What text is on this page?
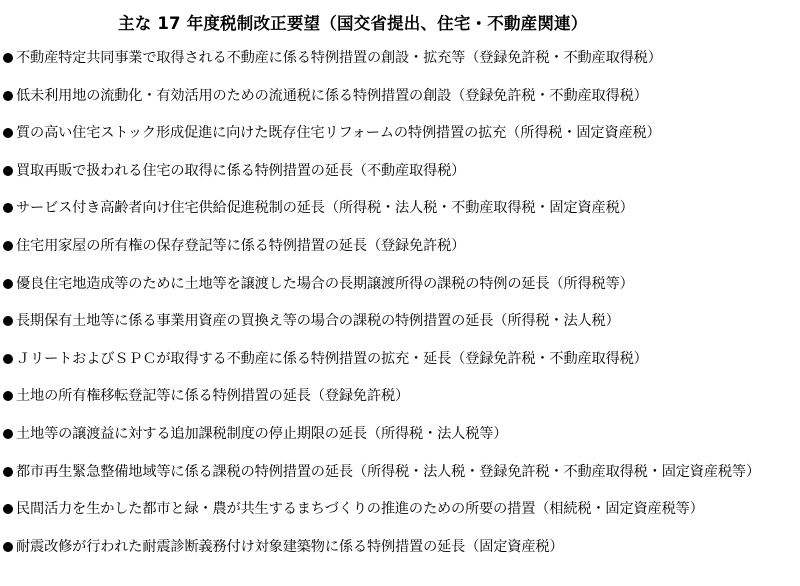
主な 17 年度税制改正要望（国交省提出、住宅・不動産関連）
不動産特定共同事業で取得される不動産に係る特例措置の創設・拡充等（登録免許税・不動産取得税）
低未利用地の流動化・有効活用のための流通税に係る特例措置の創設（登録免許税・不動産取得税）
質の高い住宅ストック形成促進に向けた既存住宅リフォームの特例措置の拡充（所得税・固定資産税）
買取再販で扱われる住宅の取得に係る特例措置の延長（不動産取得税）
サービス付き高齢者向け住宅供給促進税制の延長（所得税・法人税・不動産取得税・固定資産税）
住宅用家屋の所有権の保存登記等に係る特例措置の延長（登録免許税）
優良住宅地造成等のために土地等を譲渡した場合の長期譲渡所得の課税の特例の延長（所得税等）
長期保有土地等に係る事業用資産の買換え等の場合の課税の特例措置の延長（所得税・法人税）
ＪリートおよびＳＰＣが取得する不動産に係る特例措置の拡充・延長（登録免許税・不動産取得税）
土地の所有権移転登記等に係る特例措置の延長（登録免許税）
土地等の譲渡益に対する追加課税制度の停止期限の延長（所得税・法人税等）
都市再生緊急整備地域等に係る課税の特例措置の延長（所得税・法人税・登録免許税・不動産取得税・固定資産税等）
民間活力を生かした都市と緑・農が共生するまちづくりの推進のための所要の措置（相続税・固定資産税等）
耐震改修が行われた耐震診断義務付け対象建築物に係る特例措置の延長（固定資産税）
